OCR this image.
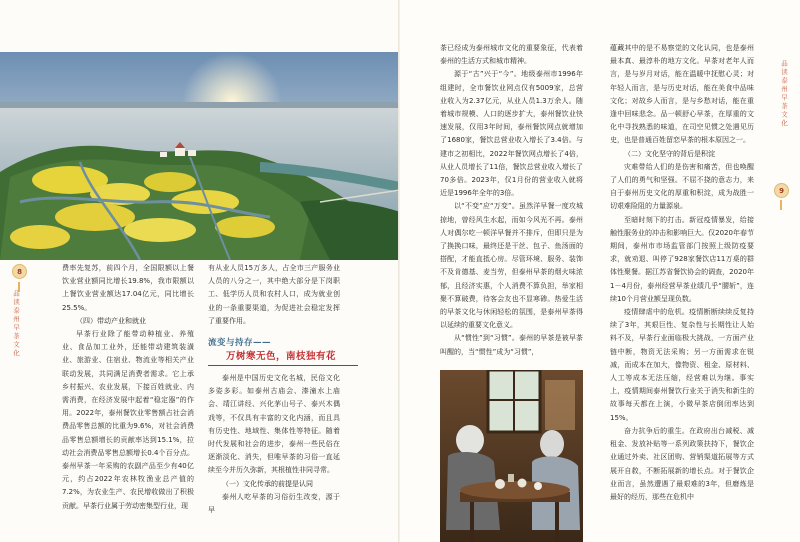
费率先复苏，前四个月，全国限额以上餐饮业营业额同比增长19.8%，我市限额以上餐饮业营业额达17.04亿元，同比增长25.5%。

（四）带动产业和就业

早茶行业除了能带动种植业、养殖业、食品加工业外，还能带动建筑装潢业、旅游业、住宿业、物流业等相关产业联动发展，共同满足消费者需求。它上承乡村振兴、农业发展，下接百姓就业、内需消费，在经济发展中起着“稳定器”的作用。2022年，泰州餐饮业零售额占社会消费品零售总额的比重为9.6%，对社会消费品零售总额增长的贡献率达到15.1%，拉动社会消费品零售总额增长0.4个百分点。泰州早茶一年采购的农副产品至少有40亿元，约占2022年农林牧渔业总产值的7.2%，为农业生产、农民增收做出了积极贡献。早茶行业属于劳动密集型行业，现

有从业人员15万多人，占全市三产服务业人员的八分之一，其中绝大部分是下岗职工、低学历人员和农村人口，成为就业创业的一条重要渠道，为促进社会稳定发挥了重要作用。

流变与持存——
万树寒无色，南枝独有花

泰州是中国历史文化名城，民俗文化多姿多彩。如泰州古庙会、溱潼水上庙会、靖江讲经、兴化茅山号子、泰兴木偶戏等，不仅具有丰富的文化内涵，而且具有历史性、地域性、集体性等特征。随着时代发展和社会的进步，泰州一些民俗在逐渐淡化、消失，但唯早茶的习俗一直延续至今并历久弥新，其根植性非同寻常。

（一）文化传承的前提是认同

泰州人吃早茶的习俗衍生改变，源于早

8
品读泰州早茶文化

茶已经成为泰州城市文化的重要象征，代表着泰州的生活方式和城市精神。

源于“古”兴于“今”。地级泰州市1996年组建时，全市餐饮业网点仅有5009家，总营业收入为2.37亿元，从业人员1.3万余人。随着城市规模、人口的逐步扩大，泰州餐饮业快速发展，仅用3年时间，泰州餐饮网点就增加了1680家，餐饮总营业收入增长了3.4倍。与建市之初相比，2022年餐饮网点增长了4倍，从业人员增长了11倍，餐饮总营业收入增长了70多倍。2023年，仅1月份的营业收入就将近是1996年全年的3倍。

以“不变”应“万变”。虽然洋早餐一度攻城掠地，曾经风生水起，而如今风光不再。泰州人对偶尔吃一顿洋早餐并不排斥，但即只是为了换换口味，最终还是干丝、包子、鱼汤面的搭配，才能直抵心房。尽管环境、服务、装饰不及肯德基、麦当劳，但泰州早茶的烟火味浓郁，且经济实惠，个人消费不算负担，举家相聚不算破费，待客会友也不显寒碜。热爱生活的早茶文化与休闲轻松的氛围，是泰州早茶得以延续的重要文化意义。

从“惯性”到“习惯”。泰州的早茶是被早茶叫醒的，当“惯性”成为“习惯”，

蕴藏其中的是不易察觉的文化认同，也是泰州最本真、最淳朴的地方文化。早茶对老年人而言，是与岁月对话，能在温暖中抚慰心灵；对年轻人而言，是与历史对话，能在美食中品味文化；对故乡人而言，是与乡愁对话，能在重逢中回味悲念。品一顿舒心早茶，在厚重的文化中寻找熟悉的味道，在司空见惯之处遇见历史，也是普通百姓留恋早茶的根本原因之一。

（二）文化坚守的背后是积淀

灾难带给人们的是伤害和痛苦，但也唤醒了人们的勇气和坚强。不屈不挠的意志力，来自于泰州历史文化的厚重和积淀，成为战胜一切艰难险阻的力量源泉。

至暗时刻下的打击。新冠疫情暴发，给接触性服务业的冲击和影响巨大。仅2020年春节期间，泰州市市场监管部门按照上级防疫要求，就劝退、叫停了928家餐饮店11万桌的群体性聚餐。据江苏省餐饮协会的调查，2020年1－4月份，泰州经营早茶业绩几乎“腰斩”，连续10个月营业额呈现负数。

疫情肆虐中的危机。疫情断断续续反复持续了3年，其艰巨性、复杂性与长期性让人始料不及，早茶行业面临极大挑战，一方面产业链中断，物资无法采购；另一方面需求在锐减，而成本在加大，像物资、租金、原材料、人工等成本无法压缩，经营难以为继。事实上，疫情期间泰州餐饮行业关于消失和新生的故事每天都在上演，小微早茶店倒闭率达到15%。

奋力抗争后的重生。在政府出台减税、减租金、发放补贴等一系列政策扶持下，餐饮企业通过外卖、社区团购、营销渠道拓展等方式展开自救，不断拓展新的增长点。对于餐饮企业而言，虽然遭遇了最艰难的3年，但磨炼是最好的经历，那些在危机中

品读泰州早茶文化
9
